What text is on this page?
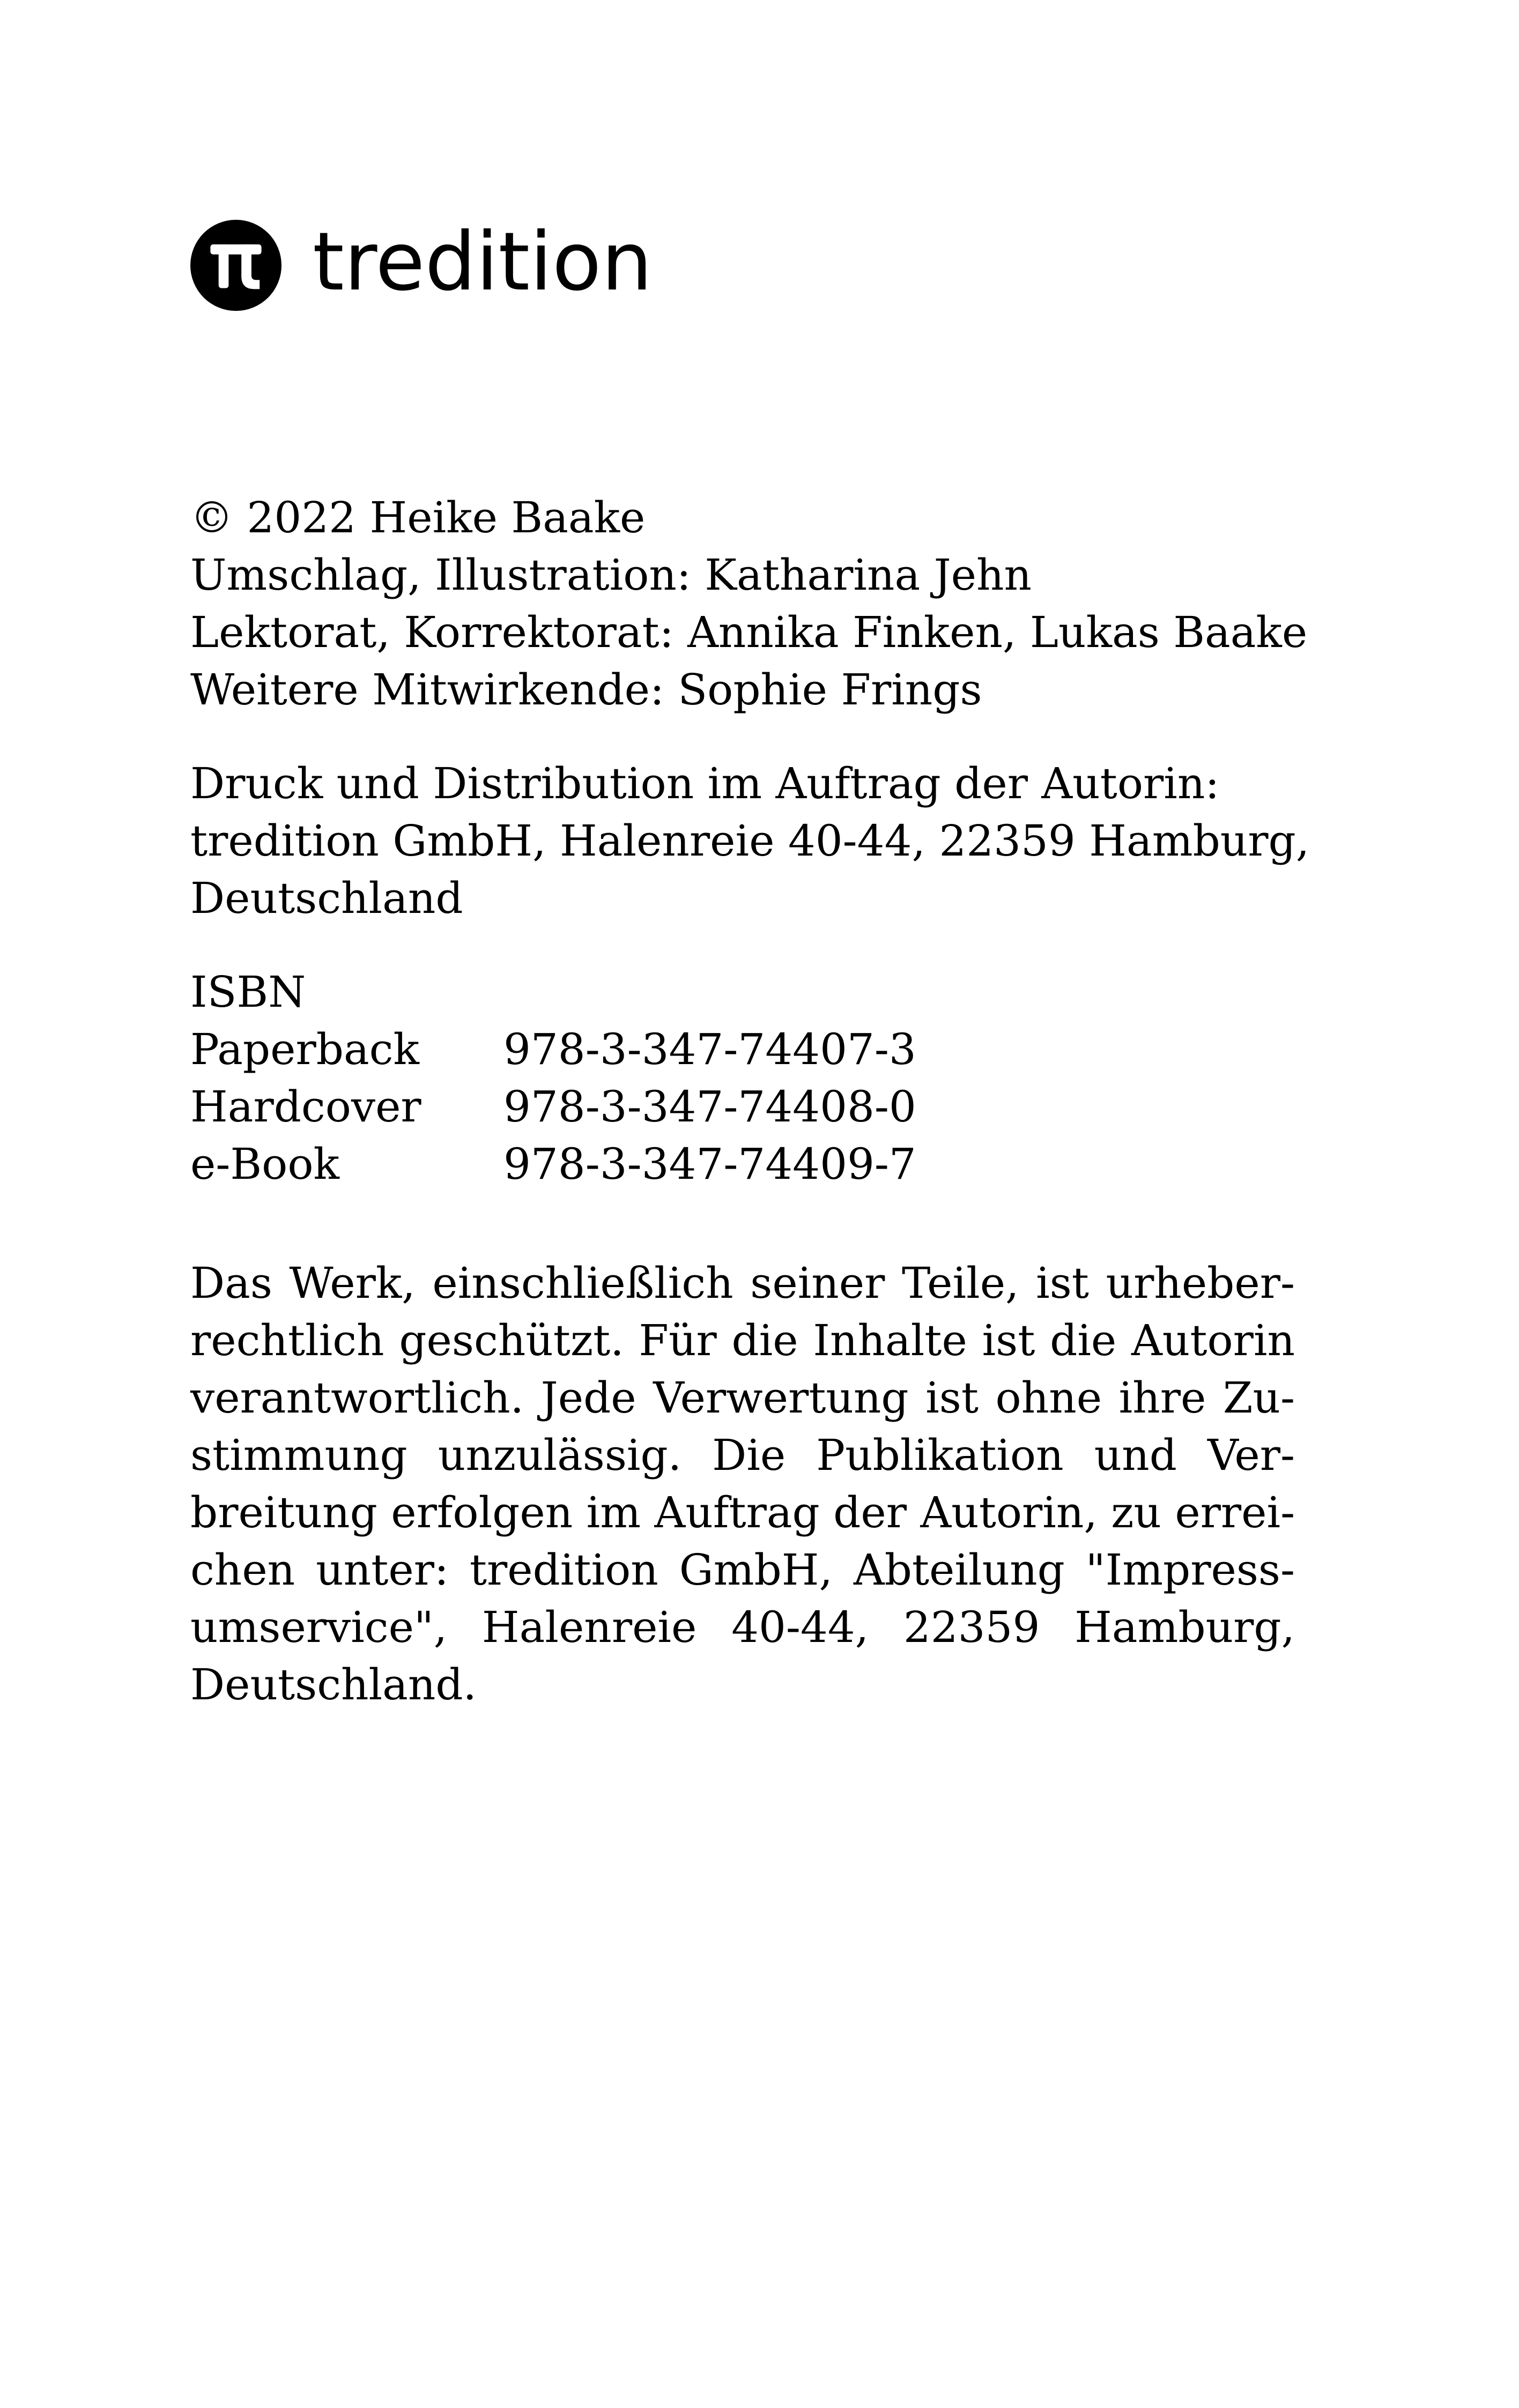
tredition
© 2022 Heike Baake
Umschlag, Illustration: Katharina Jehn
Lektorat, Korrektorat: Annika Finken, Lukas Baake
Weitere Mitwirkende: Sophie Frings
Druck und Distribution im Auftrag der Autorin:
tredition GmbH, Halenreie 40-44, 22359 Hamburg,
Deutschland
ISBN
Paperback	978-3-347-74407-3
Hardcover	978-3-347-74408-0
e-Book	978-3-347-74409-7
Das Werk, einschließlich seiner Teile, ist urheber-
rechtlich geschützt. Für die Inhalte ist die Autorin
verantwortlich. Jede Verwertung ist ohne ihre Zu-
stimmung unzulässig. Die Publikation und Ver-
breitung erfolgen im Auftrag der Autorin, zu errei-
chen unter: tredition GmbH, Abteilung "Impress-
umservice", Halenreie 40-44, 22359 Hamburg,
Deutschland.
